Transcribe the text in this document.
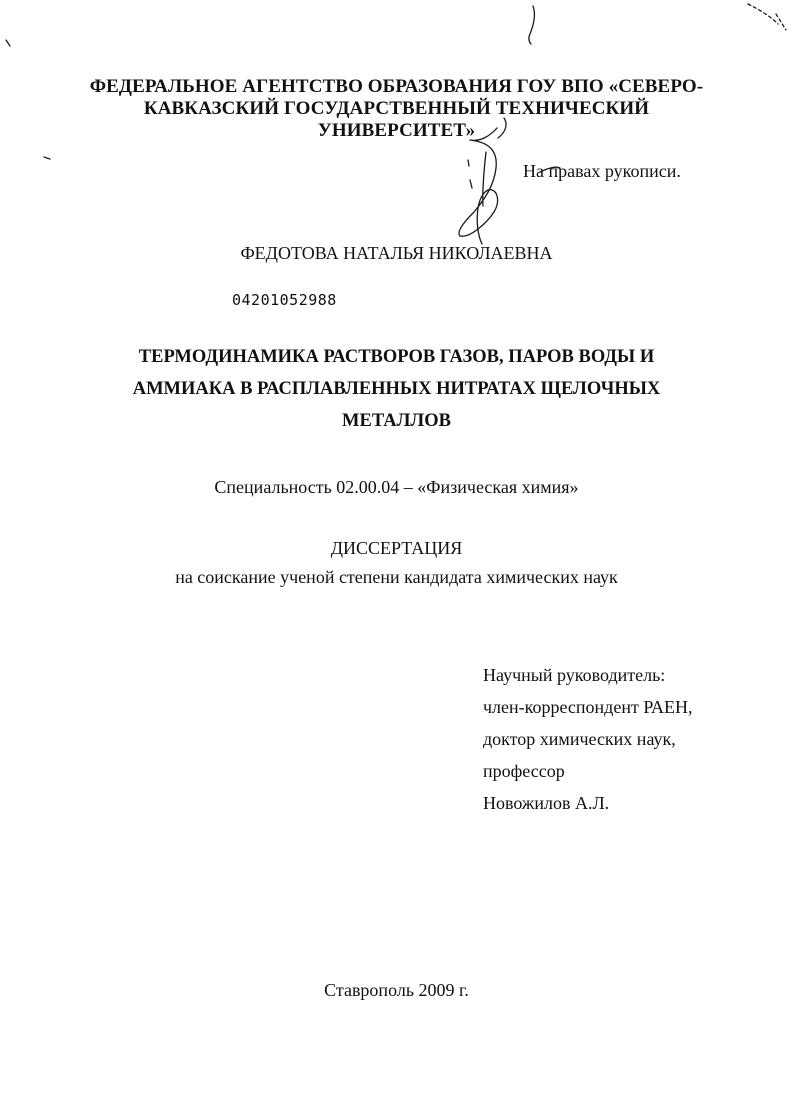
ФЕДЕРАЛЬНОЕ АГЕНТСТВО ОБРАЗОВАНИЯ ГОУ ВПО «СЕВЕРО-
КАВКАЗСКИЙ ГОСУДАРСТВЕННЫЙ ТЕХНИЧЕСКИЙ
УНИВЕРСИТЕТ»
На правах рукописи.
ФЕДОТОВА НАТАЛЬЯ НИКОЛАЕВНА
04201052988
ТЕРМОДИНАМИКА РАСТВОРОВ ГАЗОВ, ПАРОВ ВОДЫ И
АММИАКА В РАСПЛАВЛЕННЫХ НИТРАТАХ ЩЕЛОЧНЫХ
МЕТАЛЛОВ
Специальность 02.00.04 – «Физическая химия»
ДИССЕРТАЦИЯ
на соискание ученой степени кандидата химических наук
Научный руководитель:
член-корреспондент РАЕН,
доктор химических наук,
профессор
Новожилов А.Л.
Ставрополь 2009 г.
